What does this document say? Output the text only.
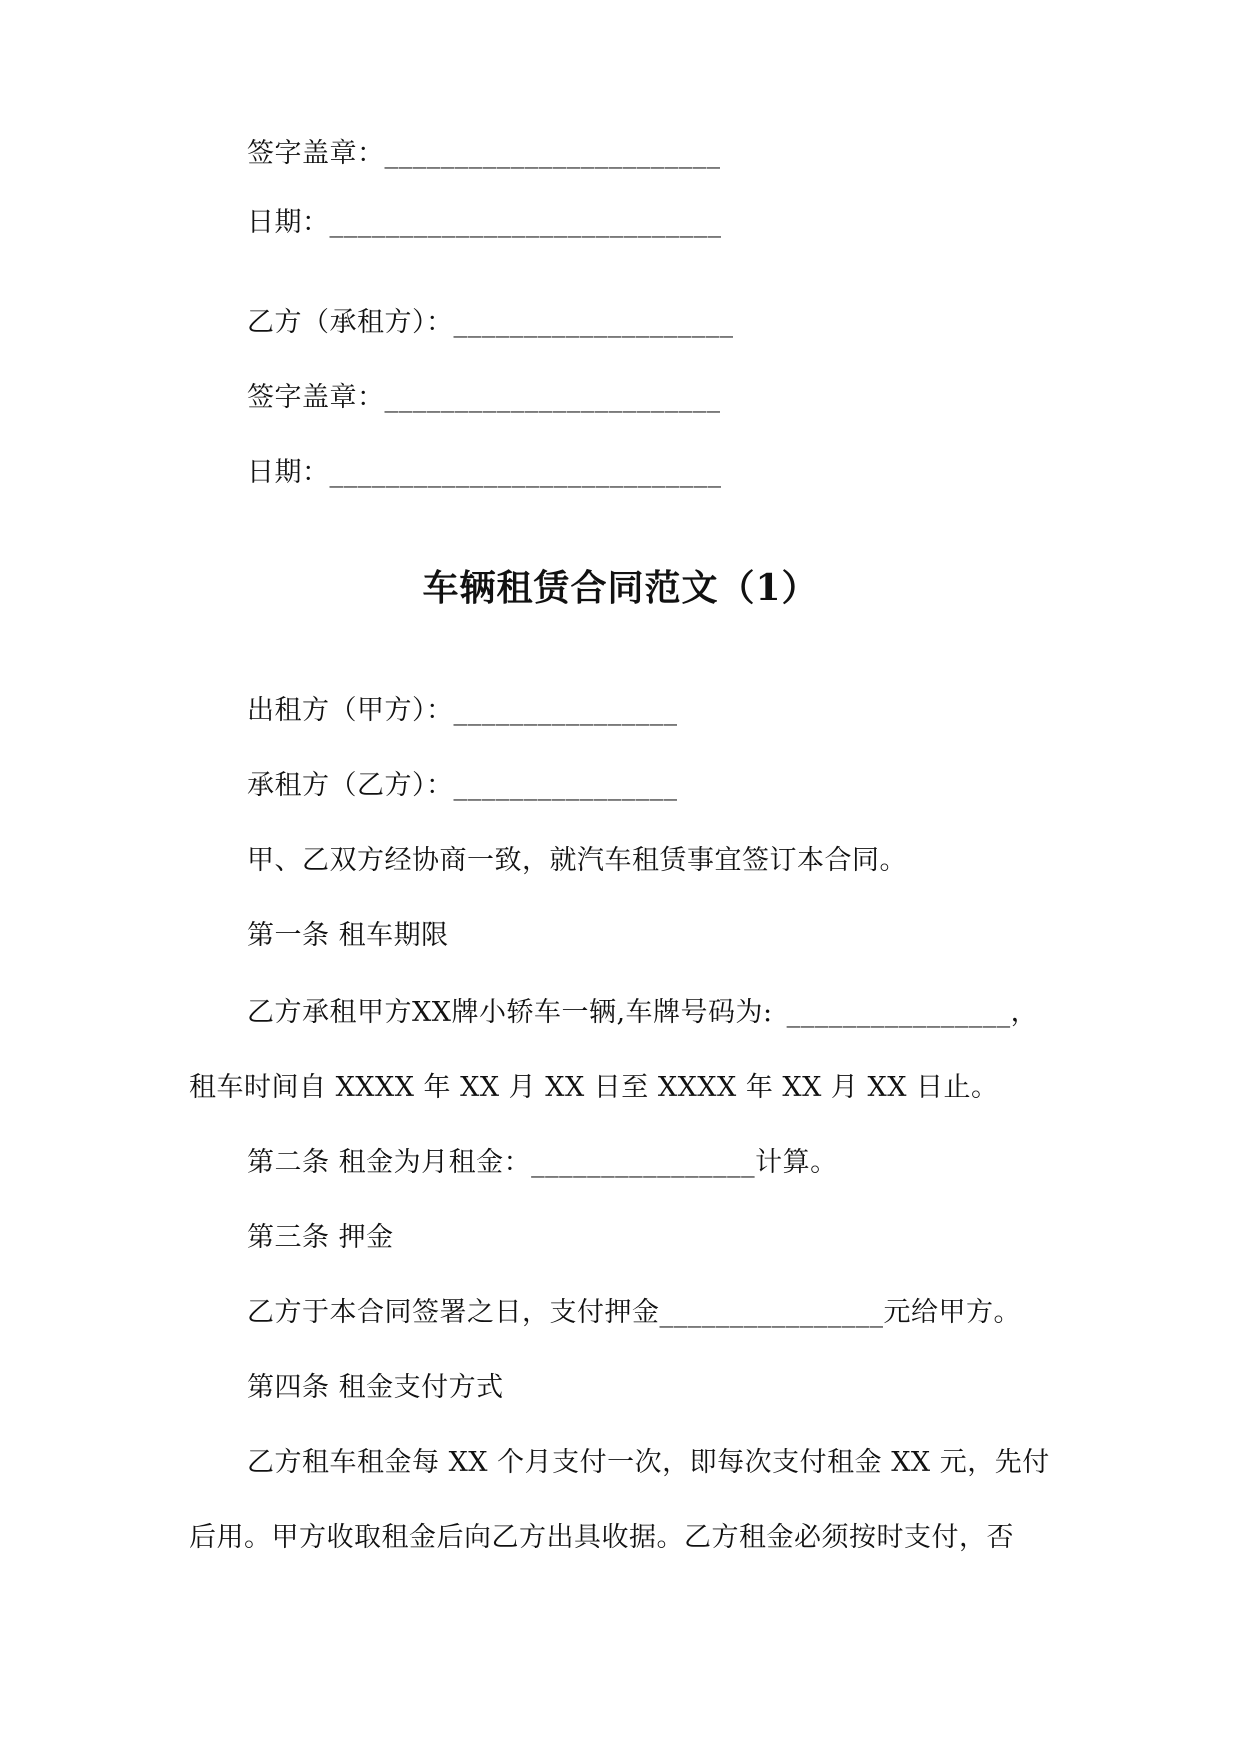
签字盖章：________________________
日期：____________________________
乙方（承租方）：____________________
签字盖章：________________________
日期：____________________________
车辆租赁合同范文（1）
出租方（甲方）：________________
承租方（乙方）：________________
甲、乙双方经协商一致，就汽车租赁事宜签订本合同。
第一条 租车期限
乙方承租甲方XX牌小轿车一辆,车牌号码为: ________________，
租车时间自 XXXX 年 XX 月 XX 日至 XXXX 年 XX 月 XX 日止。
第二条 租金为月租金：________________计算。
第三条 押金
乙方于本合同签署之日，支付押金________________元给甲方。
第四条 租金支付方式
乙方租车租金每 XX 个月支付一次，即每次支付租金 XX 元，先付
后用。甲方收取租金后向乙方出具收据。乙方租金必须按时支付，否
